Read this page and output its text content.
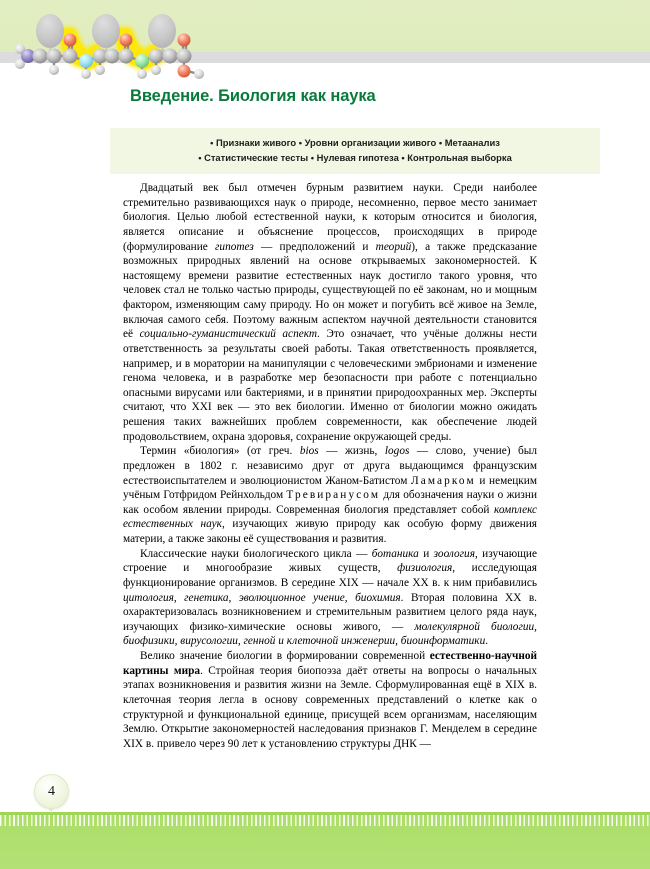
Введение. Биология как наука
• Признаки живого • Уровни организации живого • Метаанализ
• Статистические тесты • Нулевая гипотеза • Контрольная выборка

Двадцатый век был отмечен бурным развитием науки. Среди наиболее стремительно развивающихся наук о природе, несомненно, первое место занимает биология. Целью любой естественной науки, к которым относится и биология, является описание и объяснение процессов, происходящих в природе (формулирование гипотез — предположений и теорий), а также предсказание возможных природных явлений на основе открываемых закономерностей. К настоящему времени развитие естественных наук достигло такого уровня, что человек стал не только частью природы, существующей по её законам, но и мощным фактором, изменяющим саму природу. Но он может и погубить всё живое на Земле, включая самого себя. Поэтому важным аспектом научной деятельности становится её социально-гуманистический аспект. Это означает, что учёные должны нести ответственность за результаты своей работы. Такая ответственность проявляется, например, и в моратории на манипуляции с человеческими эмбрионами и изменение генома человека, и в разработке мер безопасности при работе с потенциально опасными вирусами или бактериями, и в принятии природоохранных мер. Эксперты считают, что XXI век — это век биологии. Именно от биологии можно ожидать решения таких важнейших проблем современности, как обеспечение людей продовольствием, охрана здоровья, сохранение окружающей среды.

Термин «биология» (от греч. bios — жизнь, logos — слово, учение) был предложен в 1802 г. независимо друг от друга выдающимся французским естествоиспытателем и эволюционистом Жаном-Батистом Ламарком и немецким учёным Готфридом Рейнхольдом Тревиранусом для обозначения науки о жизни как особом явлении природы. Современная биология представляет собой комплекс естественных наук, изучающих живую природу как особую форму движения материи, а также законы её существования и развития.

Классические науки биологического цикла — ботаника и зоология, изучающие строение и многообразие живых существ, физиология, исследующая функционирование организмов. В середине XIX — начале XX в. к ним прибавились цитология, генетика, эволюционное учение, биохимия. Вторая половина XX в. охарактеризовалась возникновением и стремительным развитием целого ряда наук, изучающих физико-химические основы живого, — молекулярной биологии, биофизики, вирусологии, генной и клеточной инженерии, биоинформатики.

Велико значение биологии в формировании современной естественно-научной картины мира. Стройная теория биопоэза даёт ответы на вопросы о начальных этапах возникновения и развития жизни на Земле. Сформулированная ещё в XIX в. клеточная теория легла в основу современных представлений о клетке как о структурной и функциональной единице, присущей всем организмам, населяющим Землю. Открытие закономерностей наследования признаков Г. Менделем в середине XIX в. привело через 90 лет к установлению структуры ДНК —

4
